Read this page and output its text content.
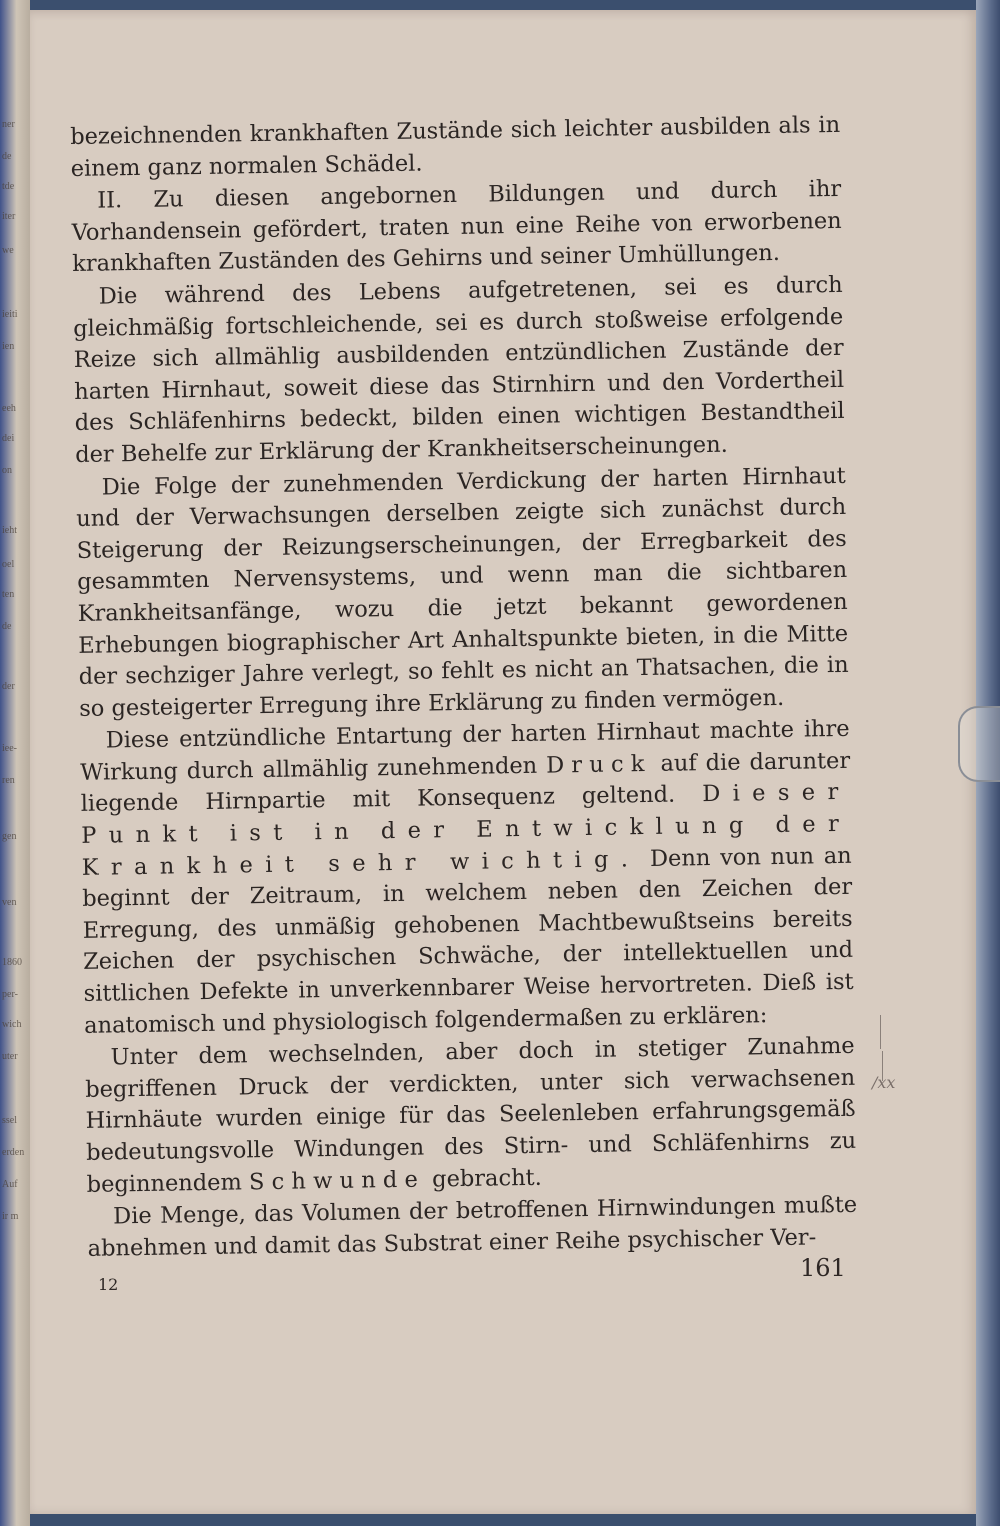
ner
de
tde
iter
we
ieiti
ien
eeh
dei
on
ieht
oel
ten
de
der
iee-
ren
gen
ven
1860
per-
wich
uter
ssel
erden
Auf
ir m

bezeichnenden krankhaften Zustände sich leichter ausbilden als in einem ganz normalen Schädel.

II. Zu diesen angebornen Bildungen und durch ihr Vorhandensein gefördert, traten nun eine Reihe von erworbenen krankhaften Zuständen des Gehirns und seiner Umhüllungen.

Die während des Lebens aufgetretenen, sei es durch gleichmäßig fortschleichende, sei es durch stoßweise erfolgende Reize sich allmählig ausbildenden entzündlichen Zustände der harten Hirnhaut, soweit diese das Stirnhirn und den Vordertheil des Schläfenhirns bedeckt, bilden einen wichtigen Bestandtheil der Behelfe zur Erklärung der Krankheitserscheinungen.

Die Folge der zunehmenden Verdickung der harten Hirnhaut und der Verwachsungen derselben zeigte sich zunächst durch Steigerung der Reizungserscheinungen, der Erregbarkeit des gesammten Nervensystems, und wenn man die sichtbaren Krankheitsanfänge, wozu die jetzt bekannt gewordenen Erhebungen biographischer Art Anhaltspunkte bieten, in die Mitte der sechziger Jahre verlegt, so fehlt es nicht an Thatsachen, die in so gesteigerter Erregung ihre Erklärung zu finden vermögen.

Diese entzündliche Entartung der harten Hirnhaut machte ihre Wirkung durch allmählig zunehmenden Druck auf die darunter liegende Hirnpartie mit Konsequenz geltend. Dieser Punkt ist in der Entwicklung der Krankheit sehr wichtig. Denn von nun an beginnt der Zeitraum, in welchem neben den Zeichen der Erregung, des unmäßig gehobenen Machtbewußtseins bereits Zeichen der psychischen Schwäche, der intellektuellen und sittlichen Defekte in unverkennbarer Weise hervortreten. Dieß ist anatomisch und physiologisch folgendermaßen zu erklären:

Unter dem wechselnden, aber doch in stetiger Zunahme begriffenen Druck der verdickten, unter sich verwachsenen Hirnhäute wurden einige für das Seelenleben erfahrungsgemäß bedeutungsvolle Windungen des Stirn- und Schläfenhirns zu beginnendem Schwunde gebracht.

Die Menge, das Volumen der betroffenen Hirnwindungen mußte abnehmen und damit das Substrat einer Reihe psychischer Ver-

/xx
12
161
